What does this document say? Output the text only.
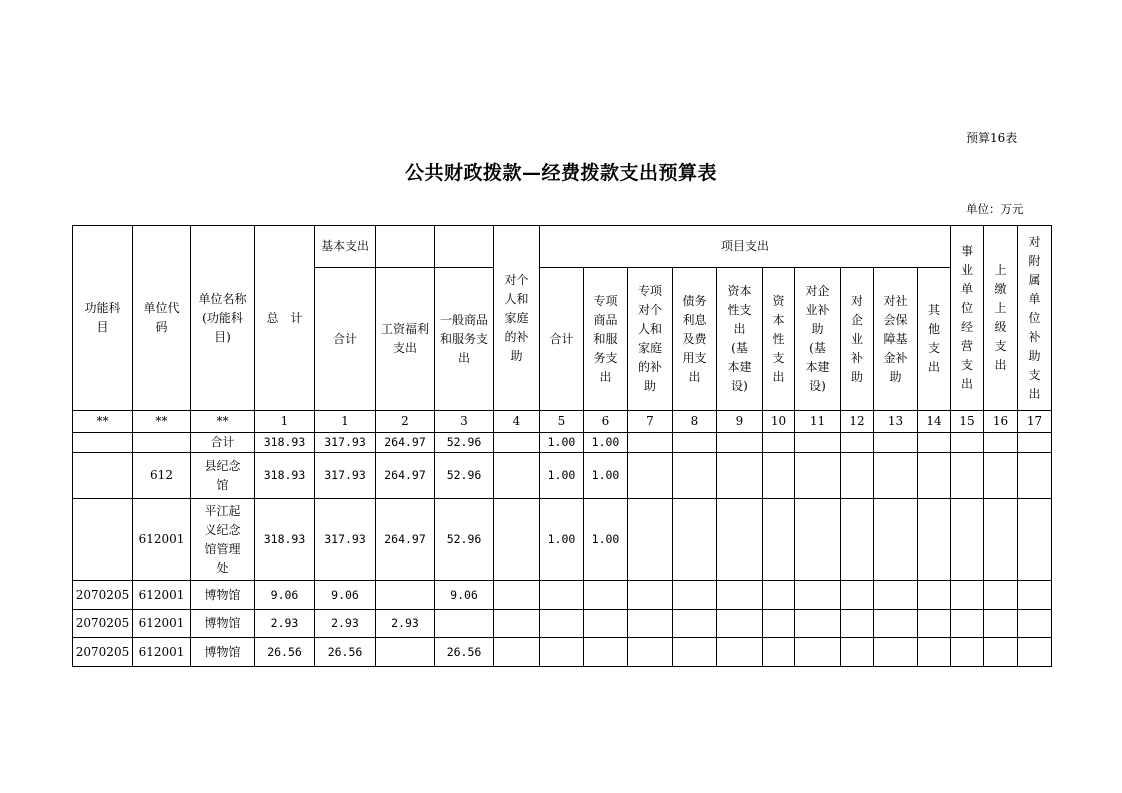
预算16表
公共财政拨款—经费拨款支出预算表
单位：万元
功能科目	单位代码	单位名称(功能科目)	总　计	基本支出			对个人和家庭的补助	项目支出										事业单位经营支出	上缴上级支出	对附属单位补助支出
				合计	工资福利支出	一般商品和服务支出		合计	专项商品和服务支出	专项对个人和家庭的补助	债务利息及费用支出	资本性支出(基本建设)	资本性支出	对企业补助(基本建设)	对企业补助	对社会保障基金补助	其他支出			
**	**	**	1	1	2	3	4	5	6	7	8	9	10	11	12	13	14	15	16	17
		合计	318.93	317.93	264.97	52.96		1.00	1.00											
	612	县纪念馆	318.93	317.93	264.97	52.96		1.00	1.00											
	612001	平江起义纪念馆管理处	318.93	317.93	264.97	52.96		1.00	1.00											
2070205	612001	博物馆	9.06	9.06		9.06														
2070205	612001	博物馆	2.93	2.93	2.93															
2070205	612001	博物馆	26.56	26.56		26.56														
